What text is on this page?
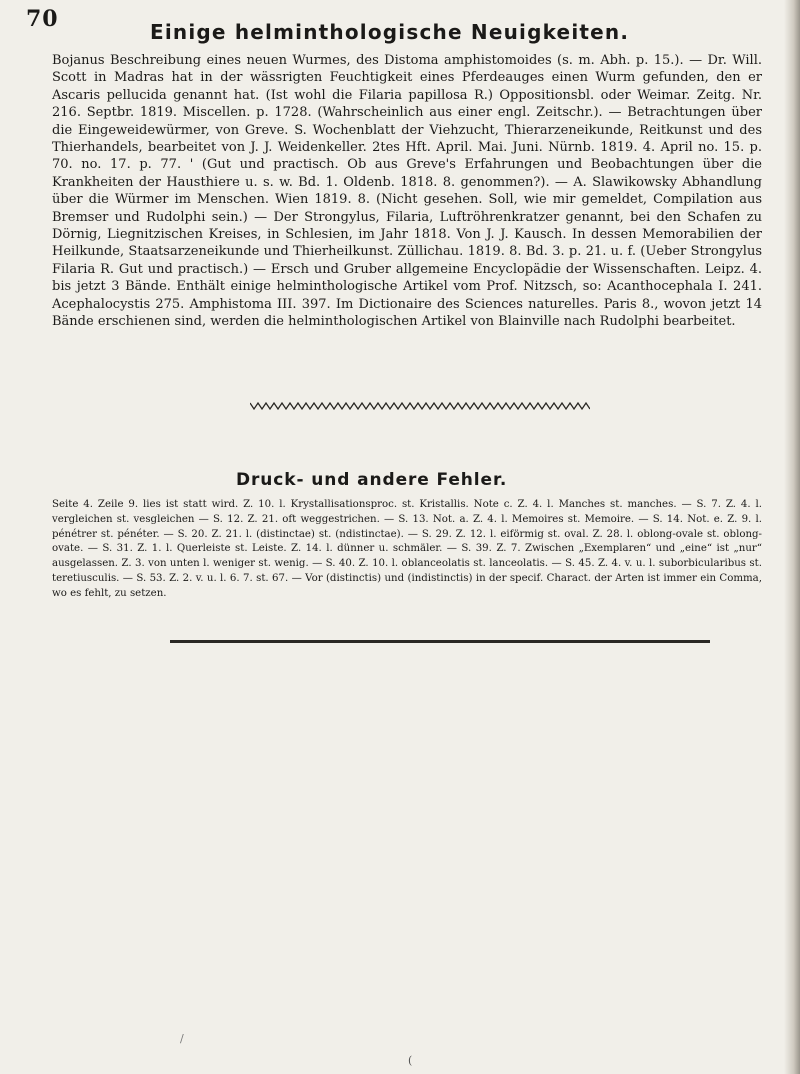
70	Einige helminthologische Neuigkeiten.

Bojanus Beschreibung eines neuen Wurmes, des Distoma amphistomoides (s. m. Abh. p. 15.). — Dr. Will. Scott in Madras hat in der wässrigten Feuchtigkeit eines Pferdeauges einen Wurm gefunden, den er Ascaris pellucida genannt hat. (Ist wohl die Filaria papillosa R.) Oppositionsbl. oder Weimar. Zeitg. Nr. 216. Septbr. 1819. Miscellen. p. 1728. (Wahrscheinlich aus einer engl. Zeitschr.). — Betrachtungen über die Eingeweidewürmer, von Greve. S. Wochenblatt der Viehzucht, Thierarzeneikunde, Reitkunst und des Thierhandels, bearbeitet von J. J. Weidenkeller. 2tes Hft. April. Mai. Juni. Nürnb. 1819. 4. April no. 15. p. 70. no. 17. p. 77. ' (Gut und practisch. Ob aus Greve's Erfahrungen und Beobachtungen über die Krankheiten der Hausthiere u. s. w. Bd. 1. Oldenb. 1818. 8. genommen?). — A. Slawikowsky Abhandlung über die Würmer im Menschen. Wien 1819. 8. (Nicht gesehen. Soll, wie mir gemeldet, Compilation aus Bremser und Rudolphi sein.) — Der Strongylus, Filaria, Luftröhrenkratzer genannt, bei den Schafen zu Dörnig, Liegnitzischen Kreises, in Schlesien, im Jahr 1818. Von J. J. Kausch. In dessen Memorabilien der Heilkunde, Staatsarzeneikunde und Thierheilkunst. Züllichau. 1819. 8. Bd. 3. p. 21. u. f. (Ueber Strongylus Filaria R. Gut und practisch.) — Ersch und Gruber allgemeine Encyclopädie der Wissenschaften. Leipz. 4. bis jetzt 3 Bände. Enthält einige helminthologische Artikel vom Prof. Nitzsch, so: Acanthocephala I. 241. Acephalocystis 275. Amphistoma III. 397. Im Dictionaire des Sciences naturelles. Paris 8., wovon jetzt 14 Bände erschienen sind, werden die helminthologischen Artikel von Blainville nach Rudolphi bearbeitet.

Druck- und andere Fehler.

Seite 4. Zeile 9. lies ist statt wird. Z. 10. l. Krystallisationsproc. st. Kristallis. Note c. Z. 4. l. Manches st. manches. — S. 7. Z. 4. l. vergleichen st. vesgleichen — S. 12. Z. 21. oft weggestrichen. — S. 13. Not. a. Z. 4. l. Memoires st. Memoire. — S. 14. Not. e. Z. 9. l. pénétrer st. pénéter. — S. 20. Z. 21. l. (distinctae) st. (ndistinctae). — S. 29. Z. 12. l. eiförmig st. oval. Z. 28. l. oblong-ovale st. oblong-ovate. — S. 31. Z. 1. l. Querleiste st. Leiste. Z. 14. l. dünner u. schmäler. — S. 39. Z. 7. Zwischen „Exemplaren“ und „eine“ ist „nur“ ausgelassen. Z. 3. von unten l. weniger st. wenig. — S. 40. Z. 10. l. oblanceolatis st. lanceolatis. — S. 45. Z. 4. v. u. l. suborbicularibus st. teretiusculis. — S. 53. Z. 2. v. u. l. 6. 7. st. 67. — Vor (distinctis) und (indistinctis) in der specif. Charact. der Arten ist immer ein Comma, wo es fehlt, zu setzen.

/
(
